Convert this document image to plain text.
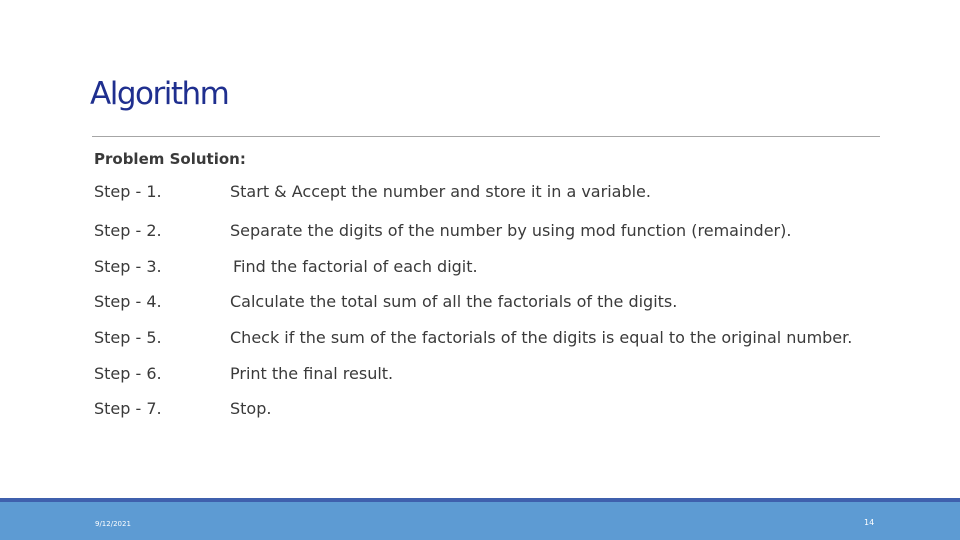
Algorithm
Problem Solution:
Step - 1.	Start & Accept the number and store it in a variable.
Step - 2.	Separate the digits of the number by using mod function (remainder).
Step - 3.	Find the factorial of each digit.
Step - 4.	Calculate the total sum of all the factorials of the digits.
Step - 5.	Check if the sum of the factorials of the digits is equal to the original number.
Step - 6.	Print the final result.
Step - 7.	Stop.
9/12/2021	14
